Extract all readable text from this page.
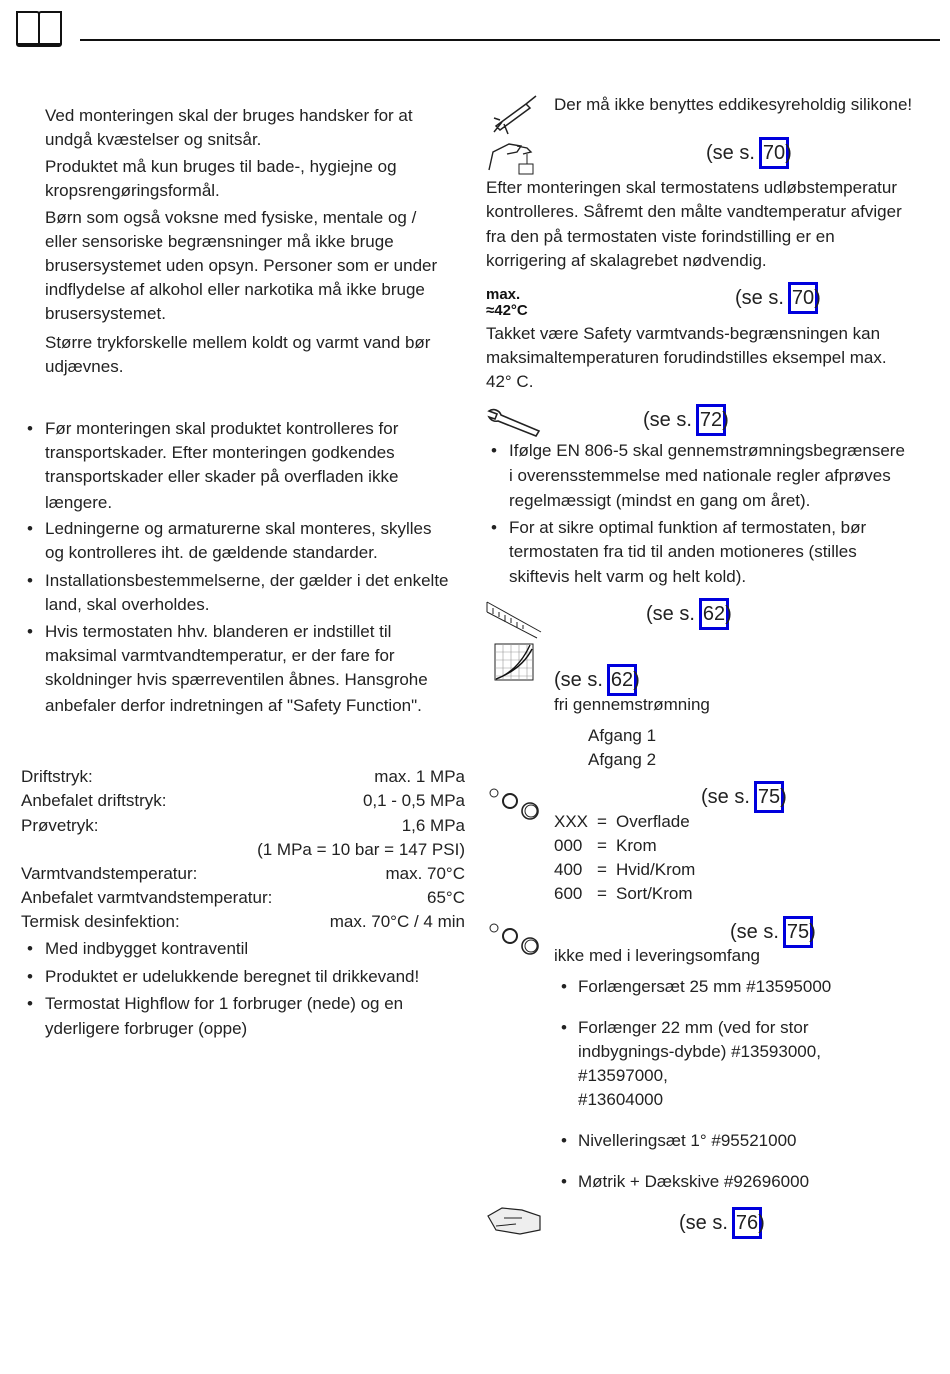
max.
≈42°C
Ved monteringen skal der bruges handsker for at
undgå kvæstelser og snitsår.
Produktet må kun bruges til bade-, hygiejne og
kropsrengøringsformål.
Børn som også voksne med fysiske, mentale og /
eller sensoriske begrænsninger må ikke bruge
brusersystemet uden opsyn. Personer som er under
indflydelse af alkohol eller narkotika må ikke bruge
brusersystemet.
Større trykforskelle mellem koldt og varmt vand bør
udjævnes.
• Før monteringen skal produktet kontrolleres for
transportskader. Efter monteringen godkendes
transportskader eller skader på overfladen ikke
længere.
• Ledningerne og armaturerne skal monteres, skylles
og kontrolleres iht. de gældende standarder.
• Installationsbestemmelserne, der gælder i det enkelte
land, skal overholdes.
• Hvis termostaten hhv. blanderen er indstillet til
maksimal varmtvandtemperatur, er der fare for
skoldninger hvis spærreventilen åbnes. Hansgrohe
anbefaler derfor indretningen af "Safety Function".
Driftstryk:	max. 1 MPa
Anbefalet driftstryk:	0,1 - 0,5 MPa
Prøvetryk:	1,6 MPa
(1 MPa = 10 bar = 147 PSI)
Varmtvandstemperatur:	max. 70°C
Anbefalet varmtvandstemperatur:	65°C
Termisk desinfektion:	max. 70°C / 4 min
• Med indbygget kontraventil
• Produktet er udelukkende beregnet til drikkevand!
• Termostat Highflow for 1 forbruger (nede) og en
yderligere forbruger (oppe)
Der må ikke benyttes eddikesyreholdig silikone!
(se s. 70)
(se s. 70)
(se s. 72)
(se s. 62)
(se s. 62)
(se s. 75)
(se s. 75)
(se s. 76)
Efter monteringen skal termostatens udløbstemperatur
kontrolleres. Såfremt den målte vandtemperatur afviger
fra den på termostaten viste forindstilling er en
korrigering af skalagrebet nødvendig.
Takket være Safety varmtvands-begrænsningen kan
maksimaltemperaturen forudindstilles eksempel max.
42° C.
• Ifølge EN 806-5 skal gennemstrømningsbegrænsere
i overensstemmelse med nationale regler afprøves
regelmæssigt (mindst en gang om året).
• For at sikre optimal funktion af termostaten, bør
termostaten fra tid til anden motioneres (stilles
skiftevis helt varm og helt kold).
fri gennemstrømning
Afgang 1
Afgang 2
XXX = Overflade
000 = Krom
400 = Hvid/Krom
600 = Sort/Krom
ikke med i leveringsomfang
• Forlængersæt 25 mm #13595000
• Forlænger 22 mm (ved for stor
indbygnings-dybde) #13593000,
#13597000,
#13604000
• Nivelleringsæt 1° #95521000
• Møtrik + Dækskive #92696000
